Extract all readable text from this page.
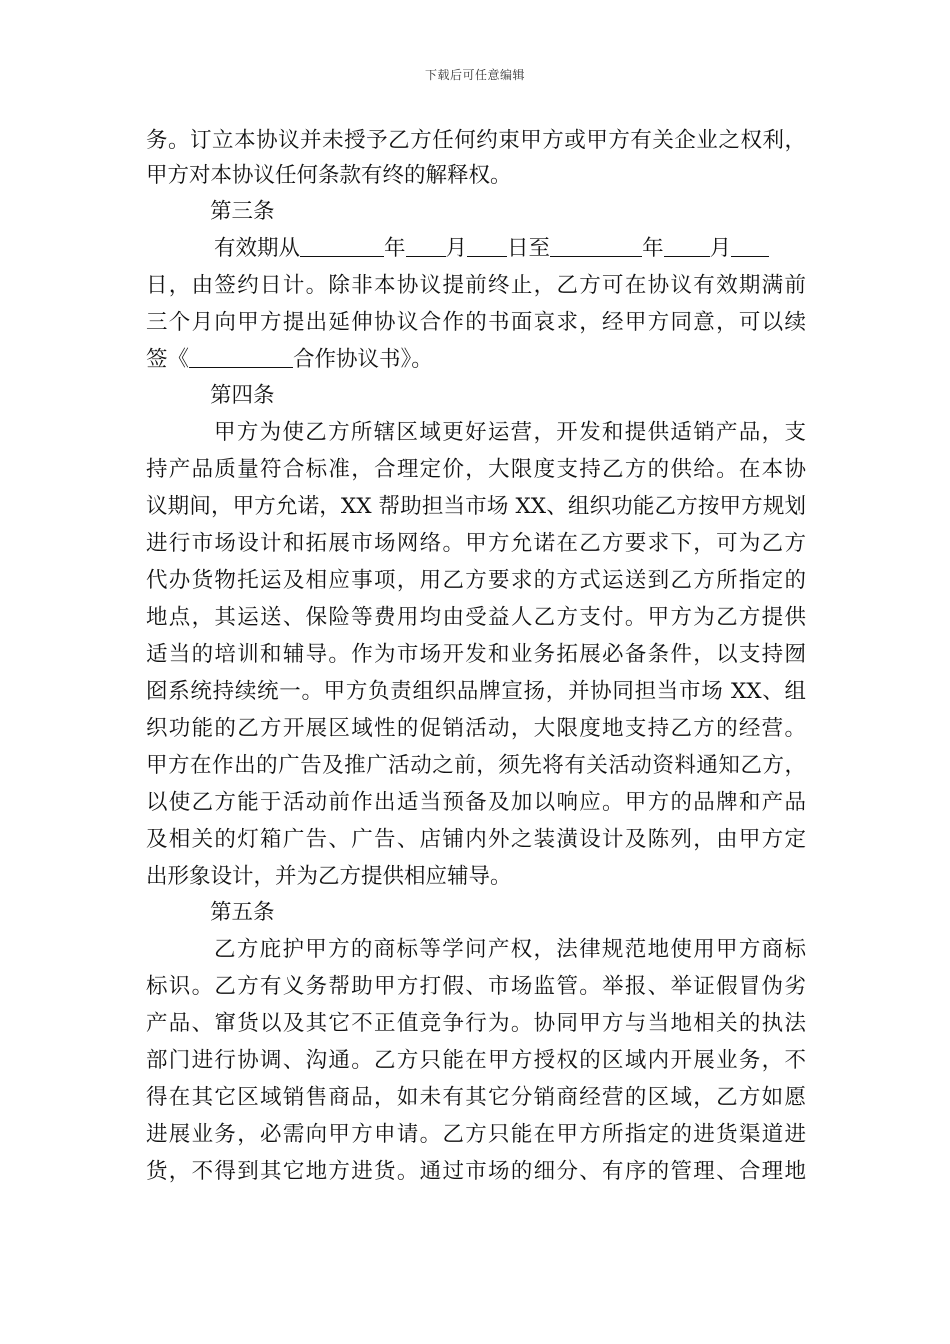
下载后可任意编辑
务。订立本协议并未授予乙方任何约束甲方或甲方有关企业之权利，
甲方对本协议任何条款有终的解释权。
第三条
有效期从	年 月 日至	年 月
日，由签约日计。除非本协议提前终止，乙方可在协议有效期满前
三个月向甲方提出延伸协议合作的书面哀求，经甲方同意，可以续
签《	合作协议书》。
第四条
甲方为使乙方所辖区域更好运营，开发和提供适销产品，支
持产品质量符合标准，合理定价，大限度支持乙方的供给。在本协
议期间，甲方允诺，XX 帮助担当市场 XX、组织功能乙方按甲方规划
进行市场设计和拓展市场网络。甲方允诺在乙方要求下，可为乙方
代办货物托运及相应事项，用乙方要求的方式运送到乙方所指定的
地点，其运送、保险等费用均由受益人乙方支付。甲方为乙方提供
适当的培训和辅导。作为市场开发和业务拓展必备条件，以支持囫
囵系统持续统一。甲方负责组织品牌宣扬，并协同担当市场 XX、组
织功能的乙方开展区域性的促销活动，大限度地支持乙方的经营。
甲方在作出的广告及推广活动之前，须先将有关活动资料通知乙方，
以使乙方能于活动前作出适当预备及加以响应。甲方的品牌和产品
及相关的灯箱广告、广告、店铺内外之装潢设计及陈列，由甲方定
出形象设计，并为乙方提供相应辅导。
第五条
乙方庇护甲方的商标等学问产权，法律规范地使用甲方商标
标识。乙方有义务帮助甲方打假、市场监管。举报、举证假冒伪劣
产品、窜货以及其它不正值竞争行为。协同甲方与当地相关的执法
部门进行协调、沟通。乙方只能在甲方授权的区域内开展业务，不
得在其它区域销售商品，如未有其它分销商经营的区域，乙方如愿
进展业务，必需向甲方申请。乙方只能在甲方所指定的进货渠道进
货，不得到其它地方进货。通过市场的细分、有序的管理、合理地
